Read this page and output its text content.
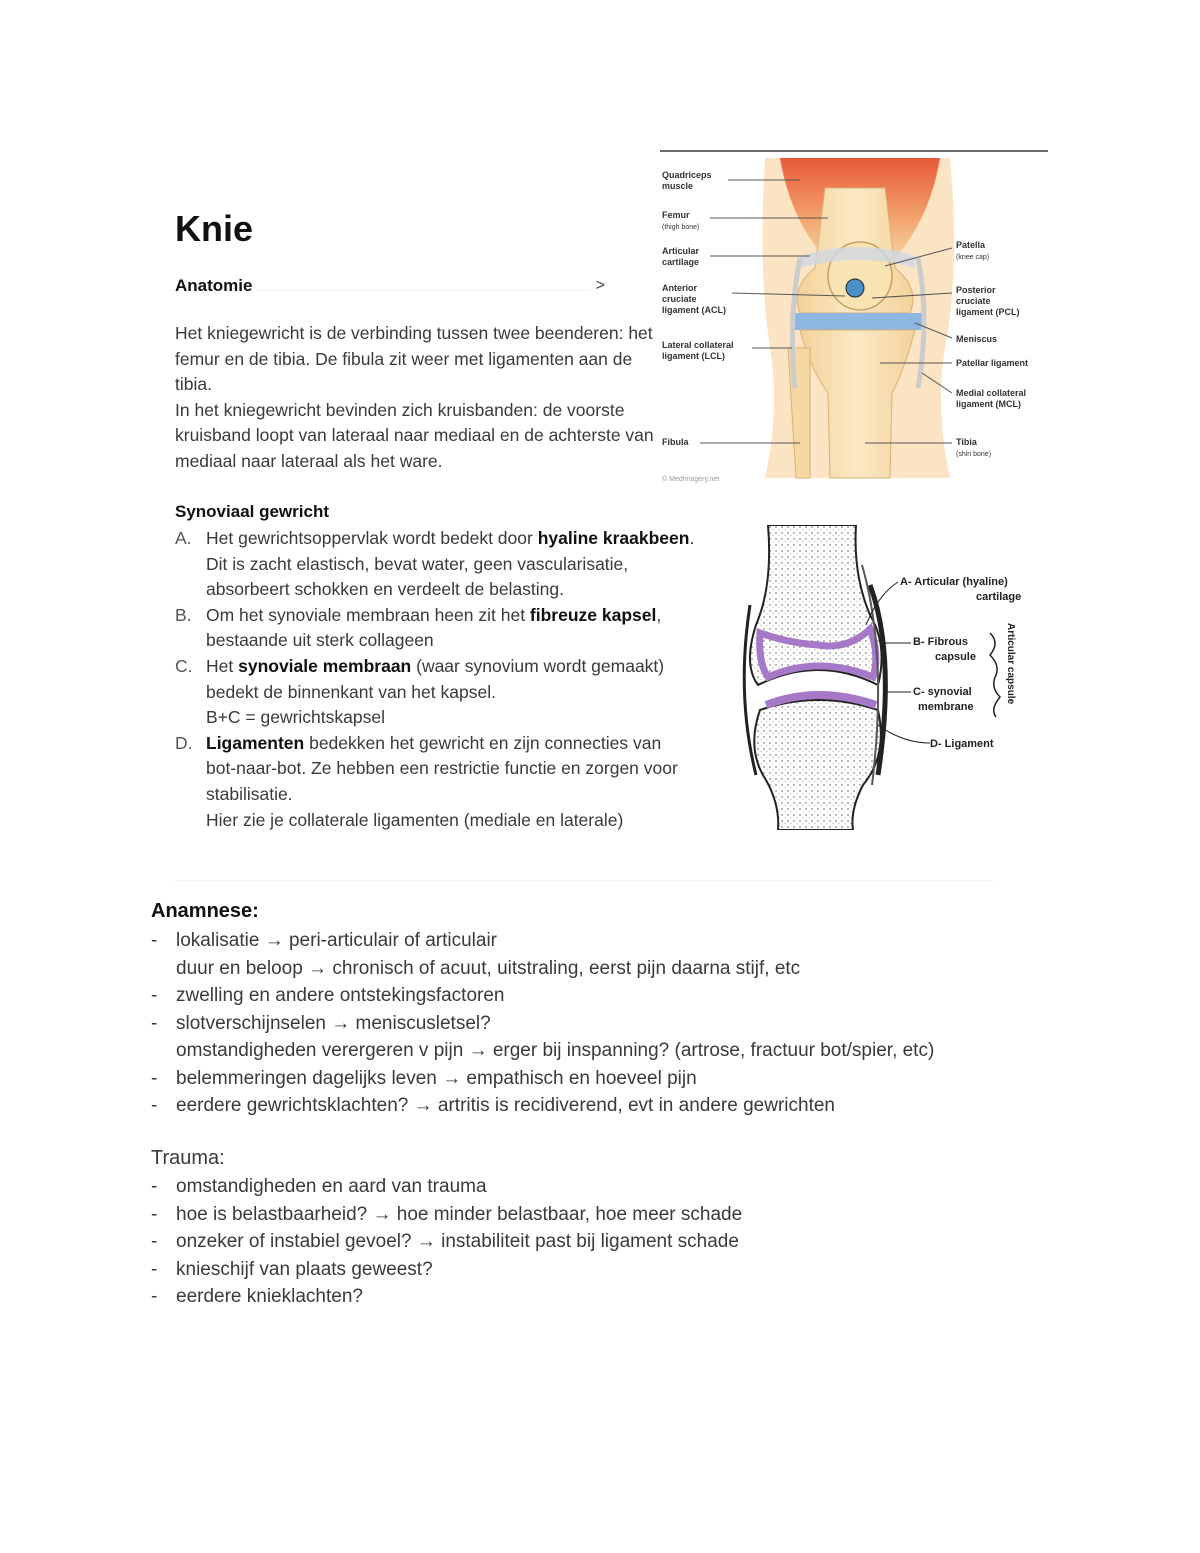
Knie
Anatomie	>

Het kniegewricht is de verbinding tussen twee beenderen: het femur en de tibia. De fibula zit weer met ligamenten aan de tibia.

In het kniegewricht bevinden zich kruisbanden: de voorste kruisband loopt van lateraal naar mediaal en de achterste van mediaal naar lateraal als het ware.

Quadriceps muscle
Femur (thigh bone)
Articular cartilage
Anterior cruciate ligament (ACL)
Lateral collateral ligament (LCL)
Fibula
© MedImagery.net
Patella (knee cap)
Posterior cruciate ligament (PCL)
Meniscus
Patellar ligament
Medial collateral ligament (MCL)
Tibia (shin bone)
Synoviaal gewricht
A. Het gewrichtsoppervlak wordt bedekt door hyaline kraakbeen. Dit is zacht elastisch, bevat water, geen vascularisatie, absorbeert schokken en verdeelt de belasting.
B. Om het synoviale membraan heen zit het fibreuze kapsel, bestaande uit sterk collageen
C. Het synoviale membraan (waar synovium wordt gemaakt) bedekt de binnenkant van het kapsel.
B+C = gewrichtskapsel
D. Ligamenten bedekken het gewricht en zijn connecties van bot-naar-bot. Ze hebben een restrictie functie en zorgen voor stabilisatie.
Hier zie je collaterale ligamenten (mediale en laterale)
A- Articular (hyaline)
cartilage
B- Fibrous
capsule
C- synovial
membrane
D- Ligament
Articular capsule
Anamnese:
- lokalisatie → peri-articulair of articulair
duur en beloop → chronisch of acuut, uitstraling, eerst pijn daarna stijf, etc
- zwelling en andere ontstekingsfactoren
- slotverschijnselen → meniscusletsel?
omstandigheden verergeren v pijn → erger bij inspanning? (artrose, fractuur bot/spier, etc)
- belemmeringen dagelijks leven → empathisch en hoeveel pijn
- eerdere gewrichtsklachten? → artritis is recidiverend, evt in andere gewrichten
Trauma:
- omstandigheden en aard van trauma
- hoe is belastbaarheid? → hoe minder belastbaar, hoe meer schade
- onzeker of instabiel gevoel? → instabiliteit past bij ligament schade
- knieschijf van plaats geweest?
- eerdere knieklachten?
